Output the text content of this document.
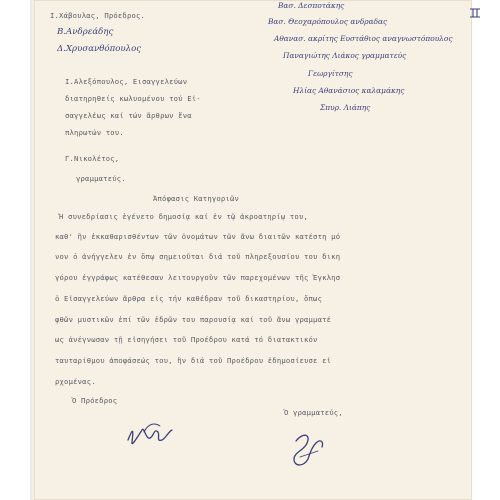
Ι.Χάβουλας, Πρόεδρος.
Β.Ανδρεάδης
Δ.Χρυσανθόπουλος
Βασ. Δεσποτάκης
Βασ. Θεοχαρόπουλος ανδραδας
Αθανασ. ακρίτης Ευστάθιος αναγνωστόπουλος
Παναγιώτης Λιάκος γραμματεύς
Γεωργίτσης
Ηλίας Αθανάσιος καλαμάκης
Σπυρ. Λιάπης
Ι.Αλεξόπουλος, Εισαγγελεύων
διατηρηθείς κωλυομένου τού Εἰ-
σαγγελέως καί τών ἄρθρων ἔνα
πληρωτών του.
Γ.Νικολέτος,
γραμματεύς.
Ἀπόφασις Κατηγοριῶν
Ἡ συνεδρίασις ἐγένετο δημοσίᾳ καί ἐν τῷ ἀκροατηρίῳ του,
καθ' ἣν ἐκκαθαρισθέντων τῶν ὀνομάτων τῶν ἄνω διαιτῶν κατέστη μό
νον ὁ ἀνήγγελεν ἐν ὅπῳ σημειοῦται διά τοῦ πληρεξουσίου του δικη
γόρου ἐγγράφως κατέθεσαν λειτουργοῦν τῶν παρεχομένων τῆς Ἐγκλησ
ὁ Εἰσαγγελεύων ἄρθρα εἰς τήν καθέδραν τοῦ δικαστηρίου, ὅπως
φθῶν μυστικῶν ἐπί τῶν ἐδρῶν του παρουσίᾳ καί τοῦ ἄνω γραμματέ
ως ἀνέγνωσαν τῇ εἰσηγήσει τοῦ Προέδρου κατά τό διατακτικόν
ταυταρίθμου ἀποφάσεώς του, ἣν διά τοῦ Προέδρου ἐδημοσίευσε εἰ
ρχομένας.
Ὁ Πρόεδρος
Ὁ γραμματεύς,
